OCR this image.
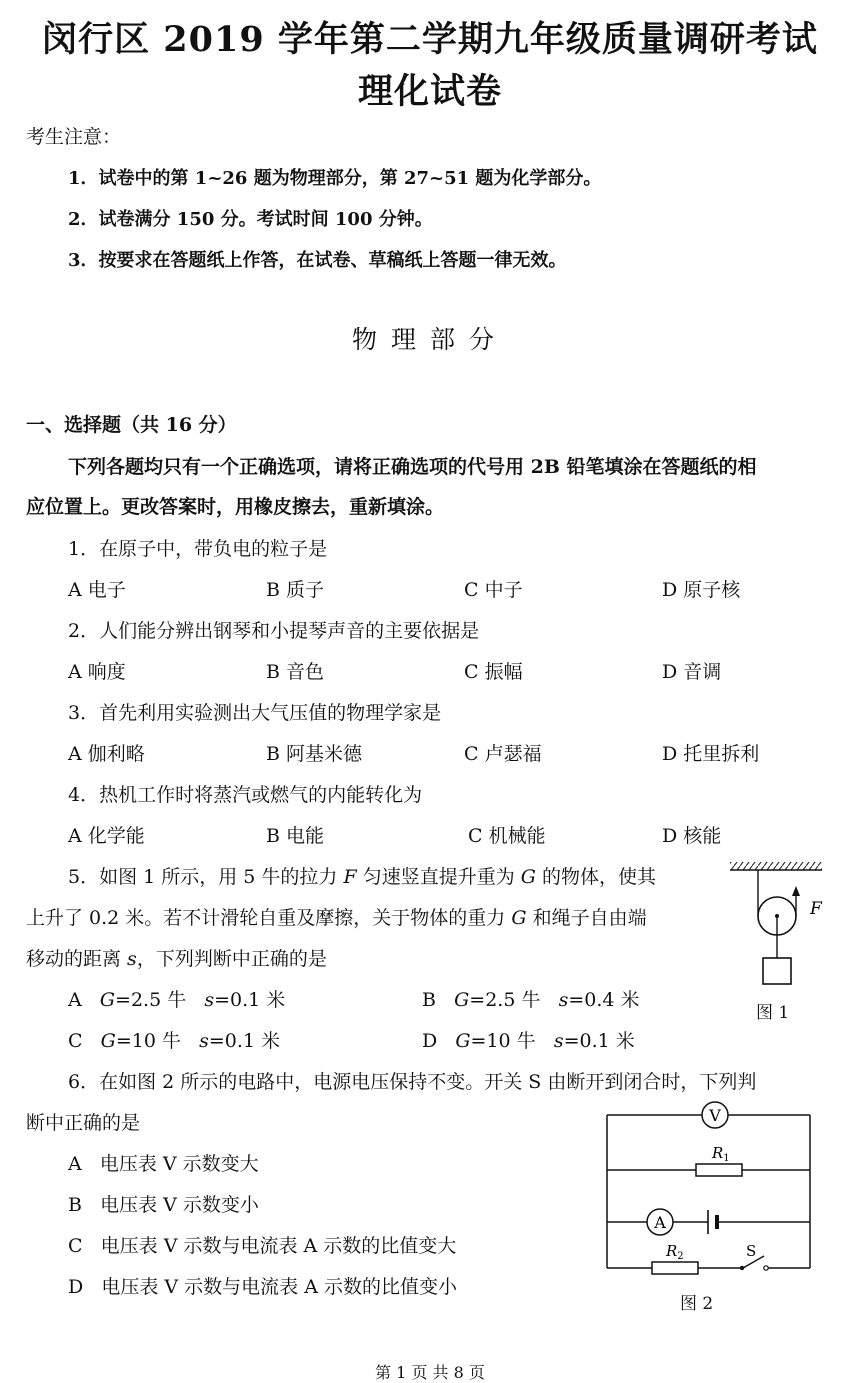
闵行区 2019 学年第二学期九年级质量调研考试
理化试卷
考生注意：
1．试卷中的第 1~26 题为物理部分，第 27~51 题为化学部分。
2．试卷满分 150 分。考试时间 100 分钟。
3．按要求在答题纸上作答，在试卷、草稿纸上答题一律无效。
物理部分
一、选择题（共 16 分）
下列各题均只有一个正确选项，请将正确选项的代号用 2B 铅笔填涂在答题纸的相
应位置上。更改答案时，用橡皮擦去，重新填涂。
1．在原子中，带负电的粒子是
A 电子	B 质子	C 中子	D 原子核
2．人们能分辨出钢琴和小提琴声音的主要依据是
A 响度	B 音色	C 振幅	D 音调
3．首先利用实验测出大气压值的物理学家是
A 伽利略	B 阿基米德	C 卢瑟福	D 托里拆利
4．热机工作时将蒸汽或燃气的内能转化为
A 化学能	B 电能	C 机械能	D 核能
5．如图 1 所示，用 5 牛的拉力 F 匀速竖直提升重为 G 的物体，使其
上升了 0.2 米。若不计滑轮自重及摩擦，关于物体的重力 G 和绳子自由端
移动的距离 s，下列判断中正确的是
A G=2.5 牛 s=0.1 米	B G=2.5 牛 s=0.4 米
C G=10 牛 s=0.1 米	D G=10 牛 s=0.1 米
F
图 1
6．在如图 2 所示的电路中，电源电压保持不变。开关 S 由断开到闭合时，下列判
断中正确的是
A 电压表 V 示数变大
B 电压表 V 示数变小
C 电压表 V 示数与电流表 A 示数的比值变大
D 电压表 V 示数与电流表 A 示数的比值变小
V
A
$R_1$
$R_2$	S
图 2
第 1 页 共 8 页
